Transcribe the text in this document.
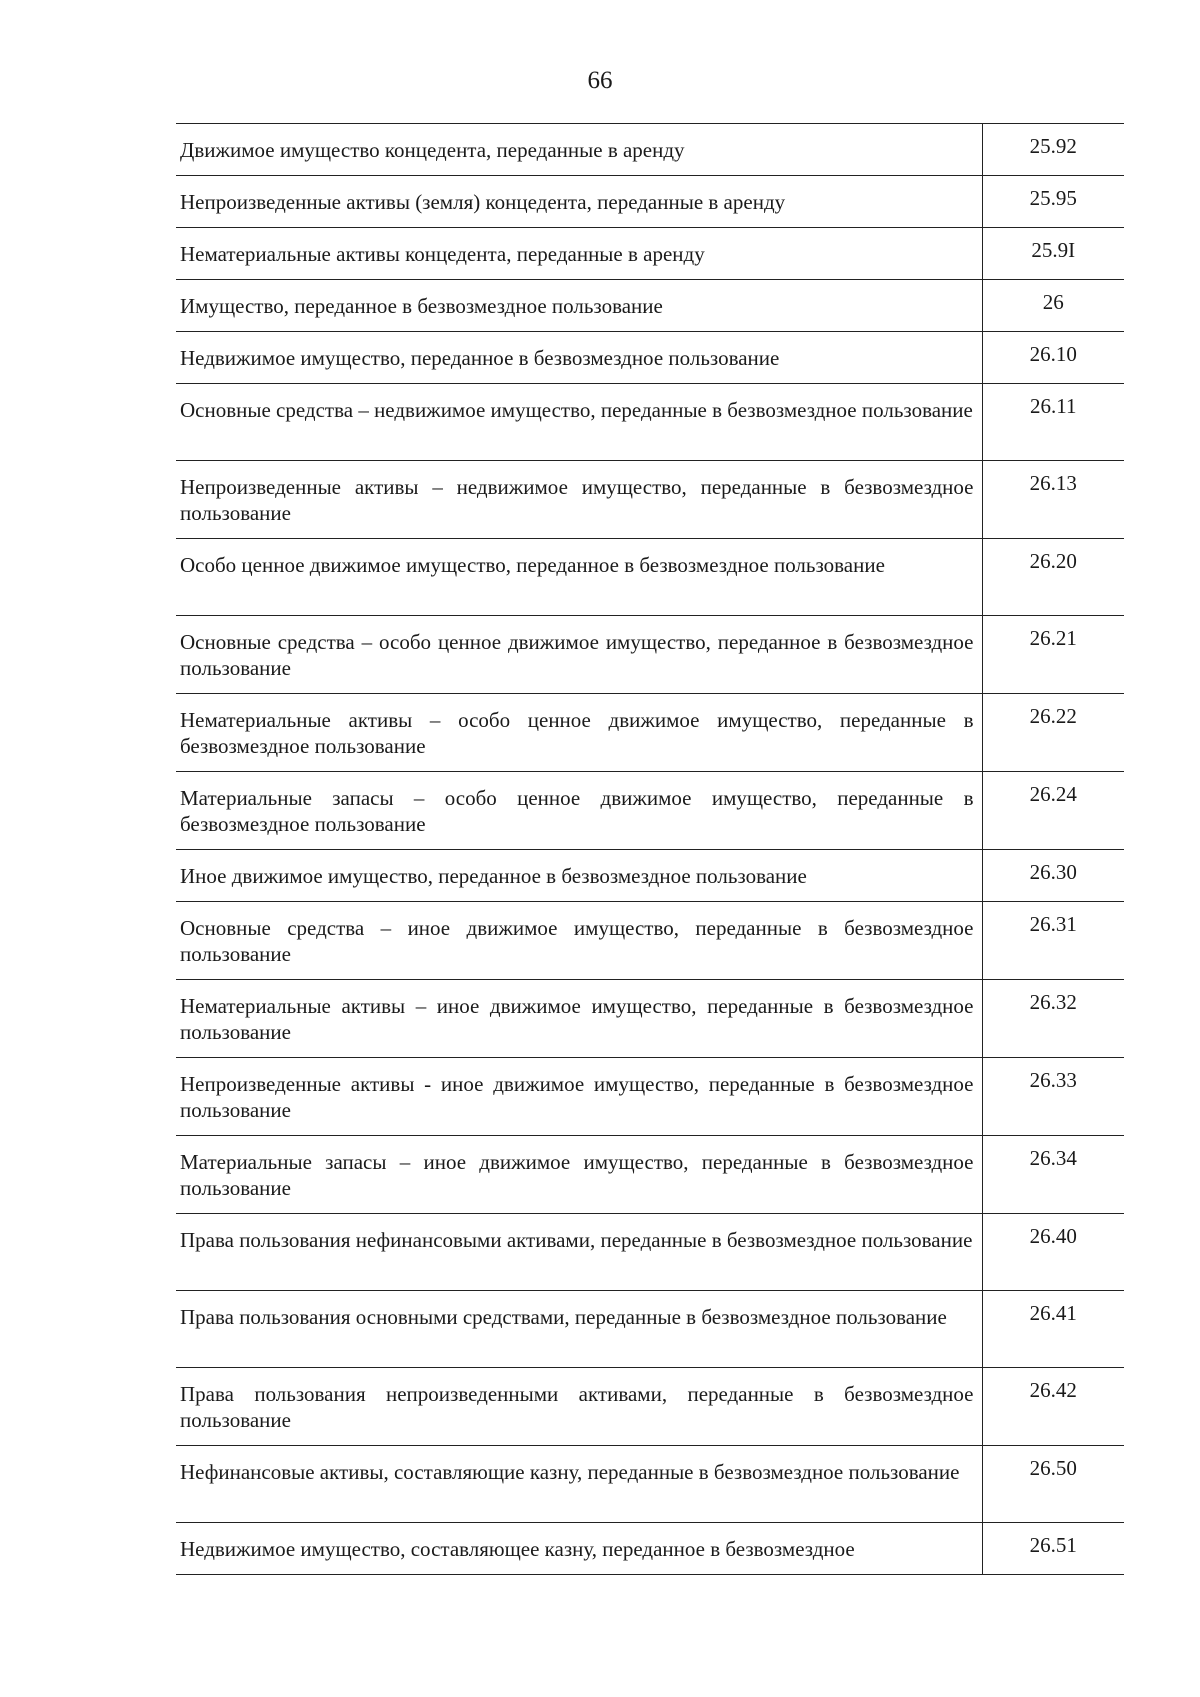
66
Движимое имущество концедента, переданные в аренду	25.92
Непроизведенные активы (земля) концедента, переданные в аренду	25.95
Нематериальные активы концедента, переданные в аренду	25.9I
Имущество, переданное в безвозмездное пользование	26
Недвижимое имущество, переданное в безвозмездное пользование	26.10
Основные средства – недвижимое имущество, переданные в безвозмездное пользование	26.11
Непроизведенные активы – недвижимое имущество, переданные в безвозмездное пользование	26.13
Особо ценное движимое имущество, переданное в безвозмездное пользование	26.20
Основные средства – особо ценное движимое имущество, переданное в безвозмездное пользование	26.21
Нематериальные активы – особо ценное движимое имущество, переданные в безвозмездное пользование	26.22
Материальные запасы – особо ценное движимое имущество, переданные в безвозмездное пользование	26.24
Иное движимое имущество, переданное в безвозмездное пользование	26.30
Основные средства – иное движимое имущество, переданные в безвозмездное пользование	26.31
Нематериальные активы – иное движимое имущество, переданные в безвозмездное пользование	26.32
Непроизведенные активы - иное движимое имущество, переданные в безвозмездное пользование	26.33
Материальные запасы – иное движимое имущество, переданные в безвозмездное пользование	26.34
Права пользования нефинансовыми активами, переданные в безвозмездное пользование	26.40
Права пользования основными средствами, переданные в безвозмездное пользование	26.41
Права пользования непроизведенными активами, переданные в безвозмездное пользование	26.42
Нефинансовые активы, составляющие казну, переданные в безвозмездное пользование	26.50
Недвижимое имущество, составляющее казну, переданное в безвозмездное	26.51
